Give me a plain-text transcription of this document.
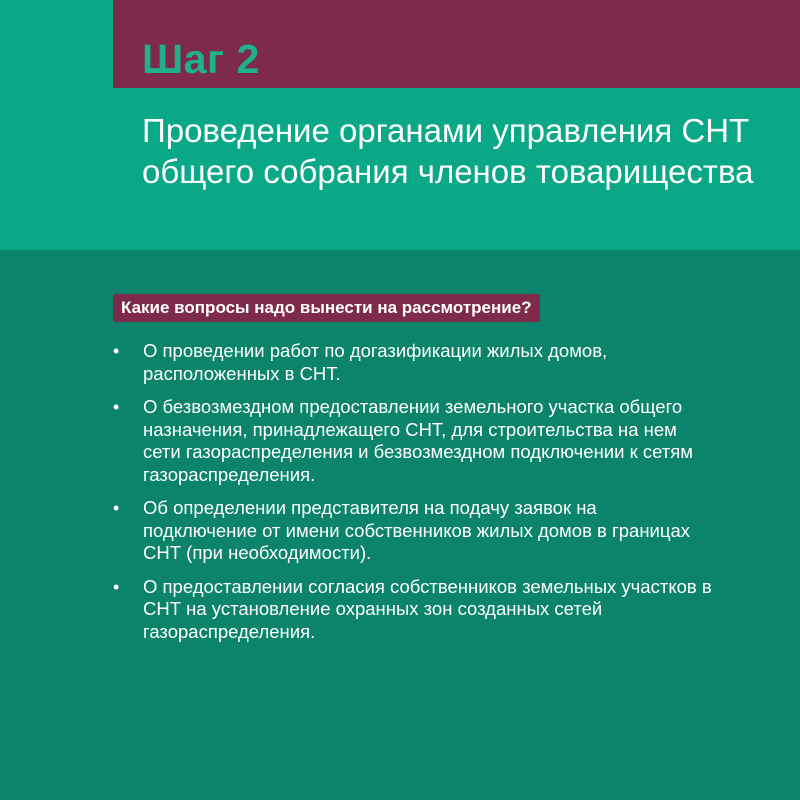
Шаг 2
Проведение органами управления СНТ общего собрания членов товарищества
Какие вопросы надо вынести на рассмотрение?
• О проведении работ по догазификации жилых домов, расположенных в СНТ.
• О безвозмездном предоставлении земельного участка общего назначения, принадлежащего СНТ, для строительства на нем сети газораспределения и безвозмездном подключении к сетям газораспределения.
• Об определении представителя на подачу заявок на подключение от имени собственников жилых домов в границах СНТ (при необходимости).
• О предоставлении согласия собственников земельных участков в СНТ на установление охранных зон созданных сетей газораспределения.
